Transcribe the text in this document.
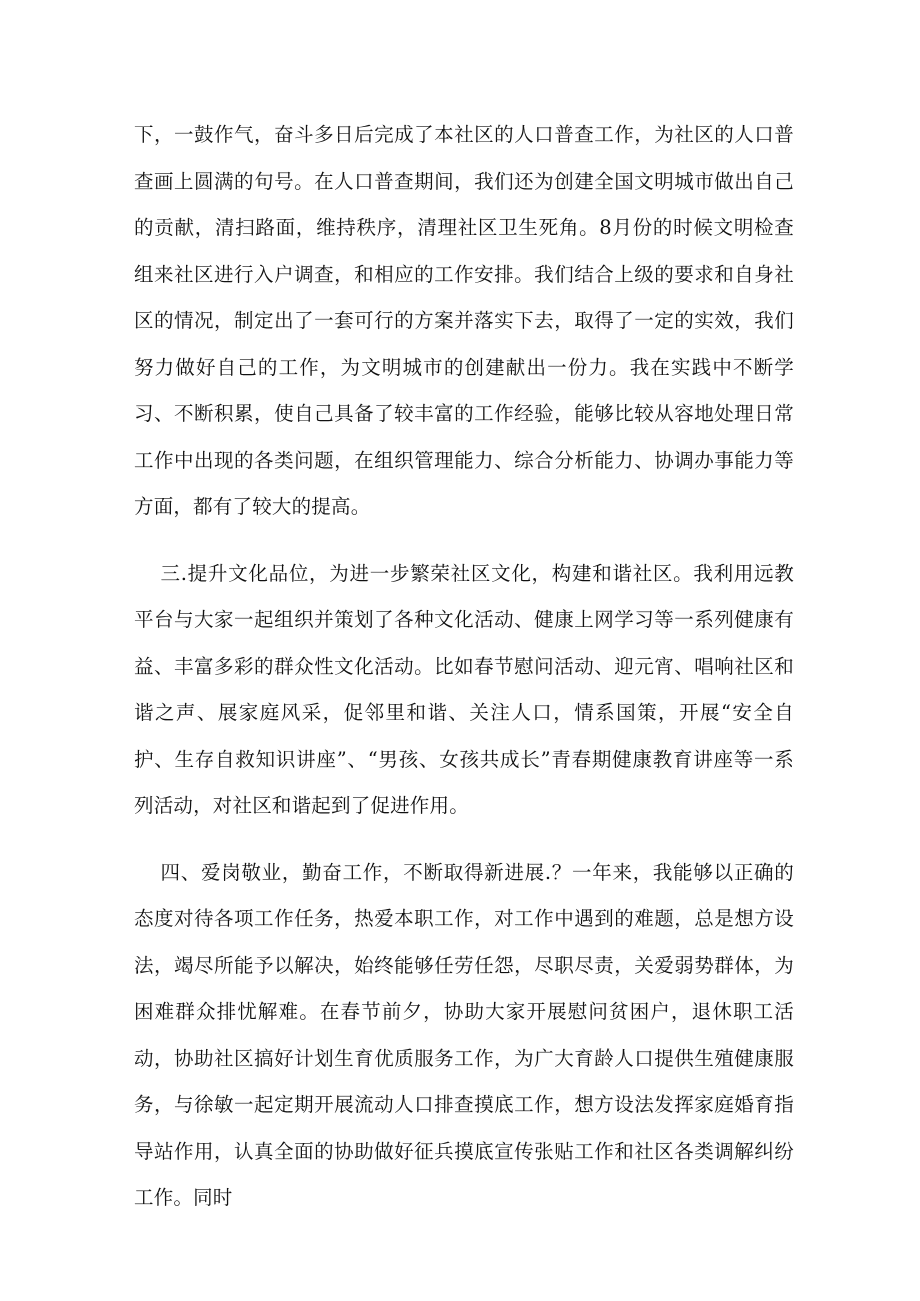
下，一鼓作气，奋斗多日后完成了本社区的人口普查工作，为社区的人口普查画上圆满的句号。在人口普查期间，我们还为创建全国文明城市做出自己的贡献，清扫路面，维持秩序，清理社区卫生死角。8月份的时候文明检查组来社区进行入户调查，和相应的工作安排。我们结合上级的要求和自身社区的情况，制定出了一套可行的方案并落实下去，取得了一定的实效，我们努力做好自己的工作，为文明城市的创建献出一份力。我在实践中不断学习、不断积累，使自己具备了较丰富的工作经验，能够比较从容地处理日常工作中出现的各类问题，在组织管理能力、综合分析能力、协调办事能力等方面，都有了较大的提高。

三.提升文化品位，为进一步繁荣社区文化，构建和谐社区。我利用远教平台与大家一起组织并策划了各种文化活动、健康上网学习等一系列健康有益、丰富多彩的群众性文化活动。比如春节慰问活动、迎元宵、唱响社区和谐之声、展家庭风采，促邻里和谐、关注人口，情系国策，开展“安全自护、生存自救知识讲座”、“男孩、女孩共成长”青春期健康教育讲座等一系列活动，对社区和谐起到了促进作用。

四、爱岗敬业，勤奋工作，不断取得新进展.？一年来，我能够以正确的态度对待各项工作任务，热爱本职工作，对工作中遇到的难题，总是想方设法，竭尽所能予以解决，始终能够任劳任怨，尽职尽责，关爱弱势群体，为困难群众排忧解难。在春节前夕，协助大家开展慰问贫困户，退休职工活动，协助社区搞好计划生育优质服务工作，为广大育龄人口提供生殖健康服务，与徐敏一起定期开展流动人口排查摸底工作，想方设法发挥家庭婚育指导站作用，认真全面的协助做好征兵摸底宣传张贴工作和社区各类调解纠纷工作。同时
